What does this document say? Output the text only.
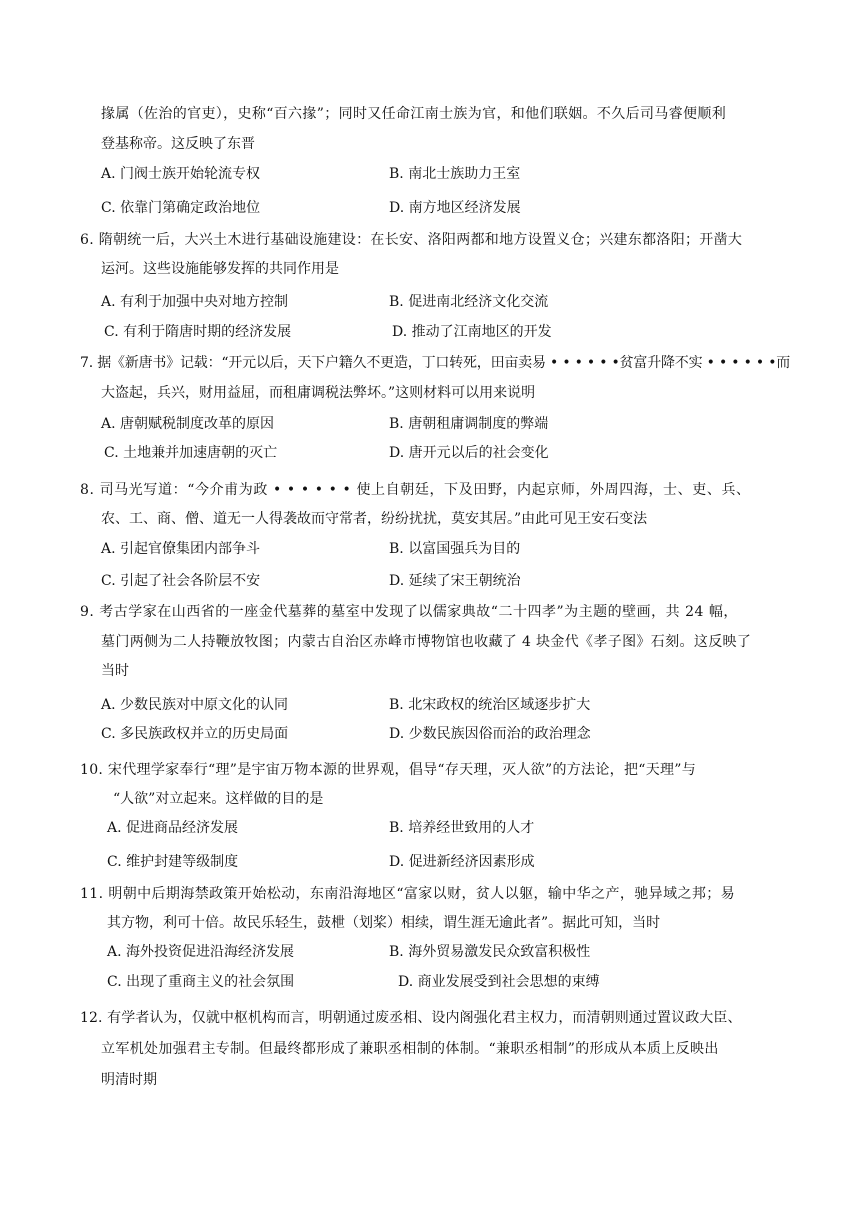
掾属（佐治的官吏），史称“百六掾”；同时又任命江南士族为官，和他们联姻。不久后司马睿便顺利
登基称帝。这反映了东晋
A. 门阀士族开始轮流专权	B. 南北士族助力王室
C. 依靠门第确定政治地位	D. 南方地区经济发展
6. 隋朝统一后，大兴土木进行基础设施建设：在长安、洛阳两都和地方设置义仓；兴建东都洛阳；开凿大
运河。这些设施能够发挥的共同作用是
A. 有利于加强中央对地方控制	B. 促进南北经济文化交流
C. 有利于隋唐时期的经济发展	D. 推动了江南地区的开发
7. 据《新唐书》记载：“开元以后，天下户籍久不更造，丁口转死，田亩卖易 • • • • • •贫富升降不实 • • • • • •而
大盗起，兵兴，财用益屈，而租庸调税法弊坏。”这则材料可以用来说明
A. 唐朝赋税制度改革的原因	B. 唐朝租庸调制度的弊端
C. 土地兼并加速唐朝的灭亡	D. 唐开元以后的社会变化
8. 司马光写道：“今介甫为政 • • • • • • 使上自朝廷，下及田野，内起京师，外周四海，士、吏、兵、
农、工、商、僧、道无一人得袭故而守常者，纷纷扰扰，莫安其居。”由此可见王安石变法
A. 引起官僚集团内部争斗	B. 以富国强兵为目的
C. 引起了社会各阶层不安	D. 延续了宋王朝统治
9. 考古学家在山西省的一座金代墓葬的墓室中发现了以儒家典故“二十四孝”为主题的壁画，共 24 幅，
墓门两侧为二人持鞭放牧图；内蒙古自治区赤峰市博物馆也收藏了 4 块金代《孝子图》石刻。这反映了
当时
A. 少数民族对中原文化的认同	B. 北宋政权的统治区域逐步扩大
C. 多民族政权并立的历史局面	D. 少数民族因俗而治的政治理念
10. 宋代理学家奉行“理”是宇宙万物本源的世界观，倡导“存天理，灭人欲”的方法论，把“天理”与
“人欲”对立起来。这样做的目的是
A. 促进商品经济发展	B. 培养经世致用的人才
C. 维护封建等级制度	D. 促进新经济因素形成
11. 明朝中后期海禁政策开始松动，东南沿海地区“富家以财，贫人以躯，输中华之产，驰异域之邦；易
其方物，利可十倍。故民乐轻生，鼓枻（划桨）相续，谓生涯无逾此者”。据此可知，当时
A. 海外投资促进沿海经济发展	B. 海外贸易激发民众致富积极性
C. 出现了重商主义的社会氛围	D. 商业发展受到社会思想的束缚
12. 有学者认为，仅就中枢机构而言，明朝通过废丞相、设内阁强化君主权力，而清朝则通过置议政大臣、
立军机处加强君主专制。但最终都形成了兼职丞相制的体制。“兼职丞相制”的形成从本质上反映出
明清时期
